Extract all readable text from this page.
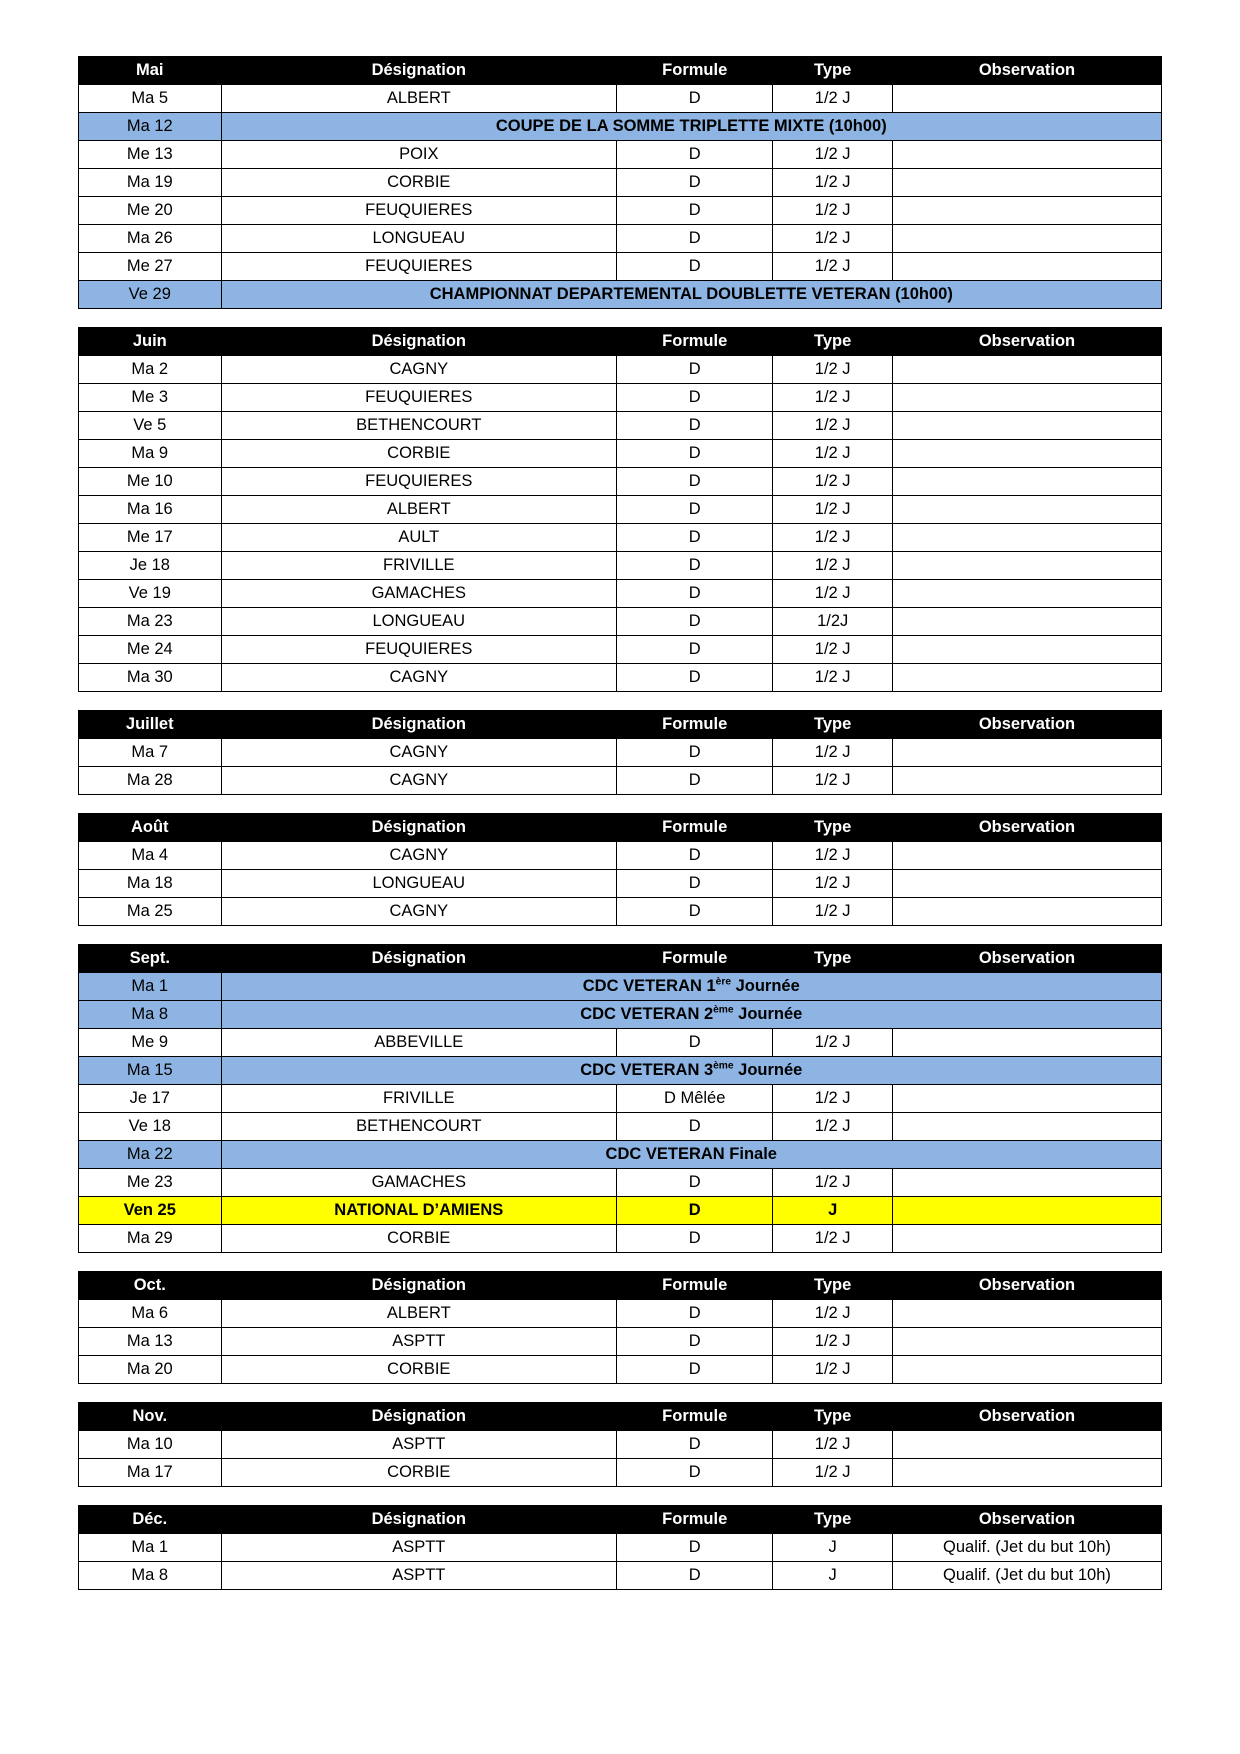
Mai	Désignation	Formule	Type	Observation
Ma 5	ALBERT	D	1/2 J	
Ma 12	COUPE DE LA SOMME TRIPLETTE MIXTE (10h00)			
Me 13	POIX	D	1/2 J	
Ma 19	CORBIE	D	1/2 J	
Me 20	FEUQUIERES	D	1/2 J	
Ma 26	LONGUEAU	D	1/2 J	
Me 27	FEUQUIERES	D	1/2 J	
Ve 29	CHAMPIONNAT DEPARTEMENTAL DOUBLETTE VETERAN (10h00)			
Juin	Désignation	Formule	Type	Observation
Ma 2	CAGNY	D	1/2 J	
Me 3	FEUQUIERES	D	1/2 J	
Ve 5	BETHENCOURT	D	1/2 J	
Ma 9	CORBIE	D	1/2 J	
Me 10	FEUQUIERES	D	1/2 J	
Ma 16	ALBERT	D	1/2 J	
Me 17	AULT	D	1/2 J	
Je 18	FRIVILLE	D	1/2 J	
Ve 19	GAMACHES	D	1/2 J	
Ma 23	LONGUEAU	D	1/2J	
Me 24	FEUQUIERES	D	1/2 J	
Ma 30	CAGNY	D	1/2 J	
Juillet	Désignation	Formule	Type	Observation
Ma 7	CAGNY	D	1/2 J	
Ma 28	CAGNY	D	1/2 J	
Août	Désignation	Formule	Type	Observation
Ma 4	CAGNY	D	1/2 J	
Ma 18	LONGUEAU	D	1/2 J	
Ma 25	CAGNY	D	1/2 J	
Sept.	Désignation	Formule	Type	Observation
Ma 1	CDC VETERAN 1ère Journée			
Ma 8	CDC VETERAN 2ème Journée			
Me 9	ABBEVILLE	D	1/2 J	
Ma 15	CDC VETERAN 3ème Journée			
Je 17	FRIVILLE	D Mêlée	1/2 J	
Ve 18	BETHENCOURT	D	1/2 J	
Ma 22	CDC VETERAN Finale			
Me 23	GAMACHES	D	1/2 J	
Ven 25	NATIONAL D’AMIENS	D	J	
Ma 29	CORBIE	D	1/2 J	
Oct.	Désignation	Formule	Type	Observation
Ma 6	ALBERT	D	1/2 J	
Ma 13	ASPTT	D	1/2 J	
Ma 20	CORBIE	D	1/2 J	
Nov.	Désignation	Formule	Type	Observation
Ma 10	ASPTT	D	1/2 J	
Ma 17	CORBIE	D	1/2 J	
Déc.	Désignation	Formule	Type	Observation
Ma 1	ASPTT	D	J	Qualif. (Jet du but 10h)
Ma 8	ASPTT	D	J	Qualif. (Jet du but 10h)
